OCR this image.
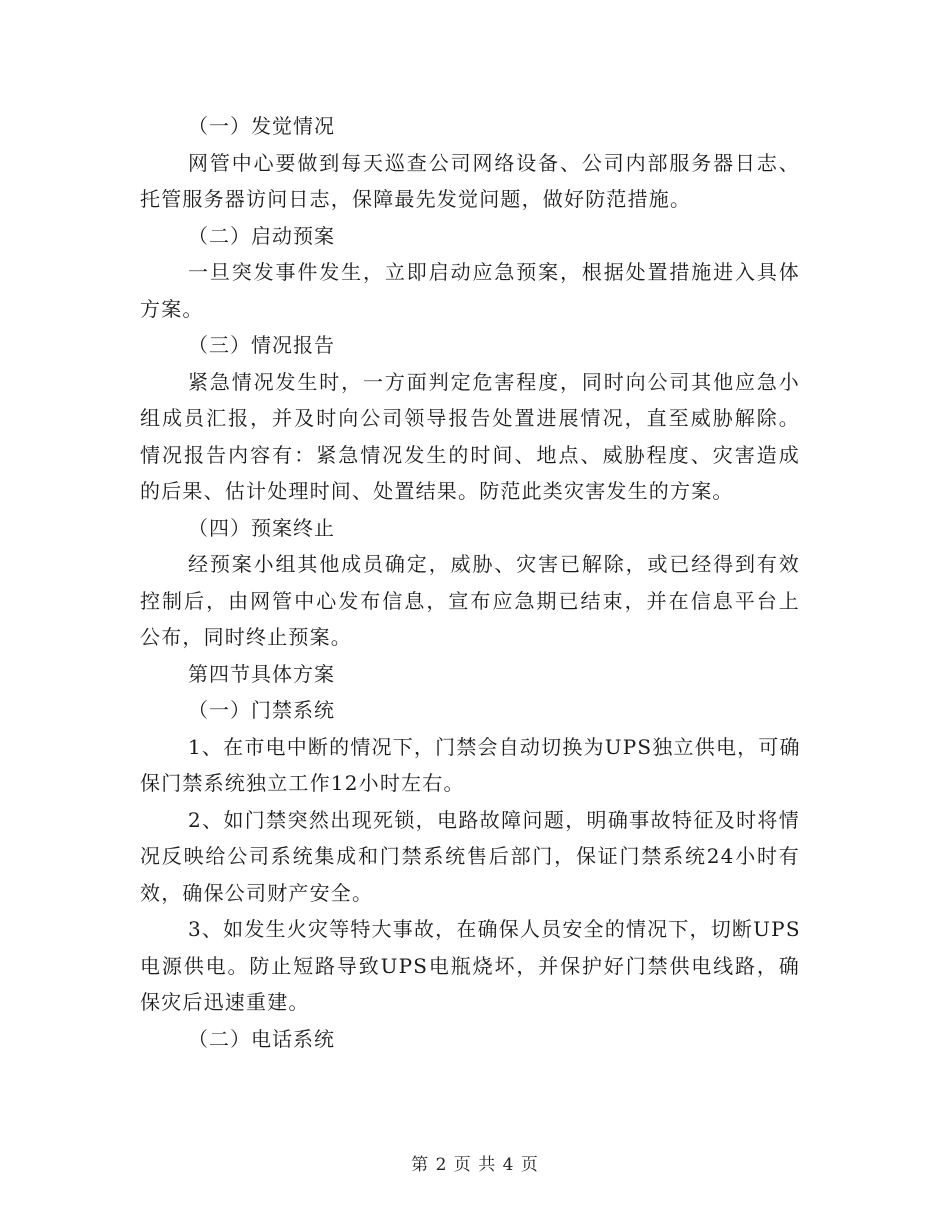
（一）发觉情况
网管中心要做到每天巡查公司网络设备、公司内部服务器日志、
托管服务器访问日志，保障最先发觉问题，做好防范措施。
（二）启动预案
一旦突发事件发生，立即启动应急预案，根据处置措施进入具体
方案。
（三）情况报告
紧急情况发生时，一方面判定危害程度，同时向公司其他应急小
组成员汇报，并及时向公司领导报告处置进展情况，直至威胁解除。
情况报告内容有：紧急情况发生的时间、地点、威胁程度、灾害造成
的后果、估计处理时间、处置结果。防范此类灾害发生的方案。
（四）预案终止
经预案小组其他成员确定，威胁、灾害已解除，或已经得到有效
控制后，由网管中心发布信息，宣布应急期已结束，并在信息平台上
公布，同时终止预案。
第四节具体方案
（一）门禁系统
1、在市电中断的情况下，门禁会自动切换为UPS独立供电，可确
保门禁系统独立工作12小时左右。
2、如门禁突然出现死锁，电路故障问题，明确事故特征及时将情
况反映给公司系统集成和门禁系统售后部门，保证门禁系统24小时有
效，确保公司财产安全。
3、如发生火灾等特大事故，在确保人员安全的情况下，切断UPS
电源供电。防止短路导致UPS电瓶烧坏，并保护好门禁供电线路，确
保灾后迅速重建。
（二）电话系统
第 2 页 共 4 页
